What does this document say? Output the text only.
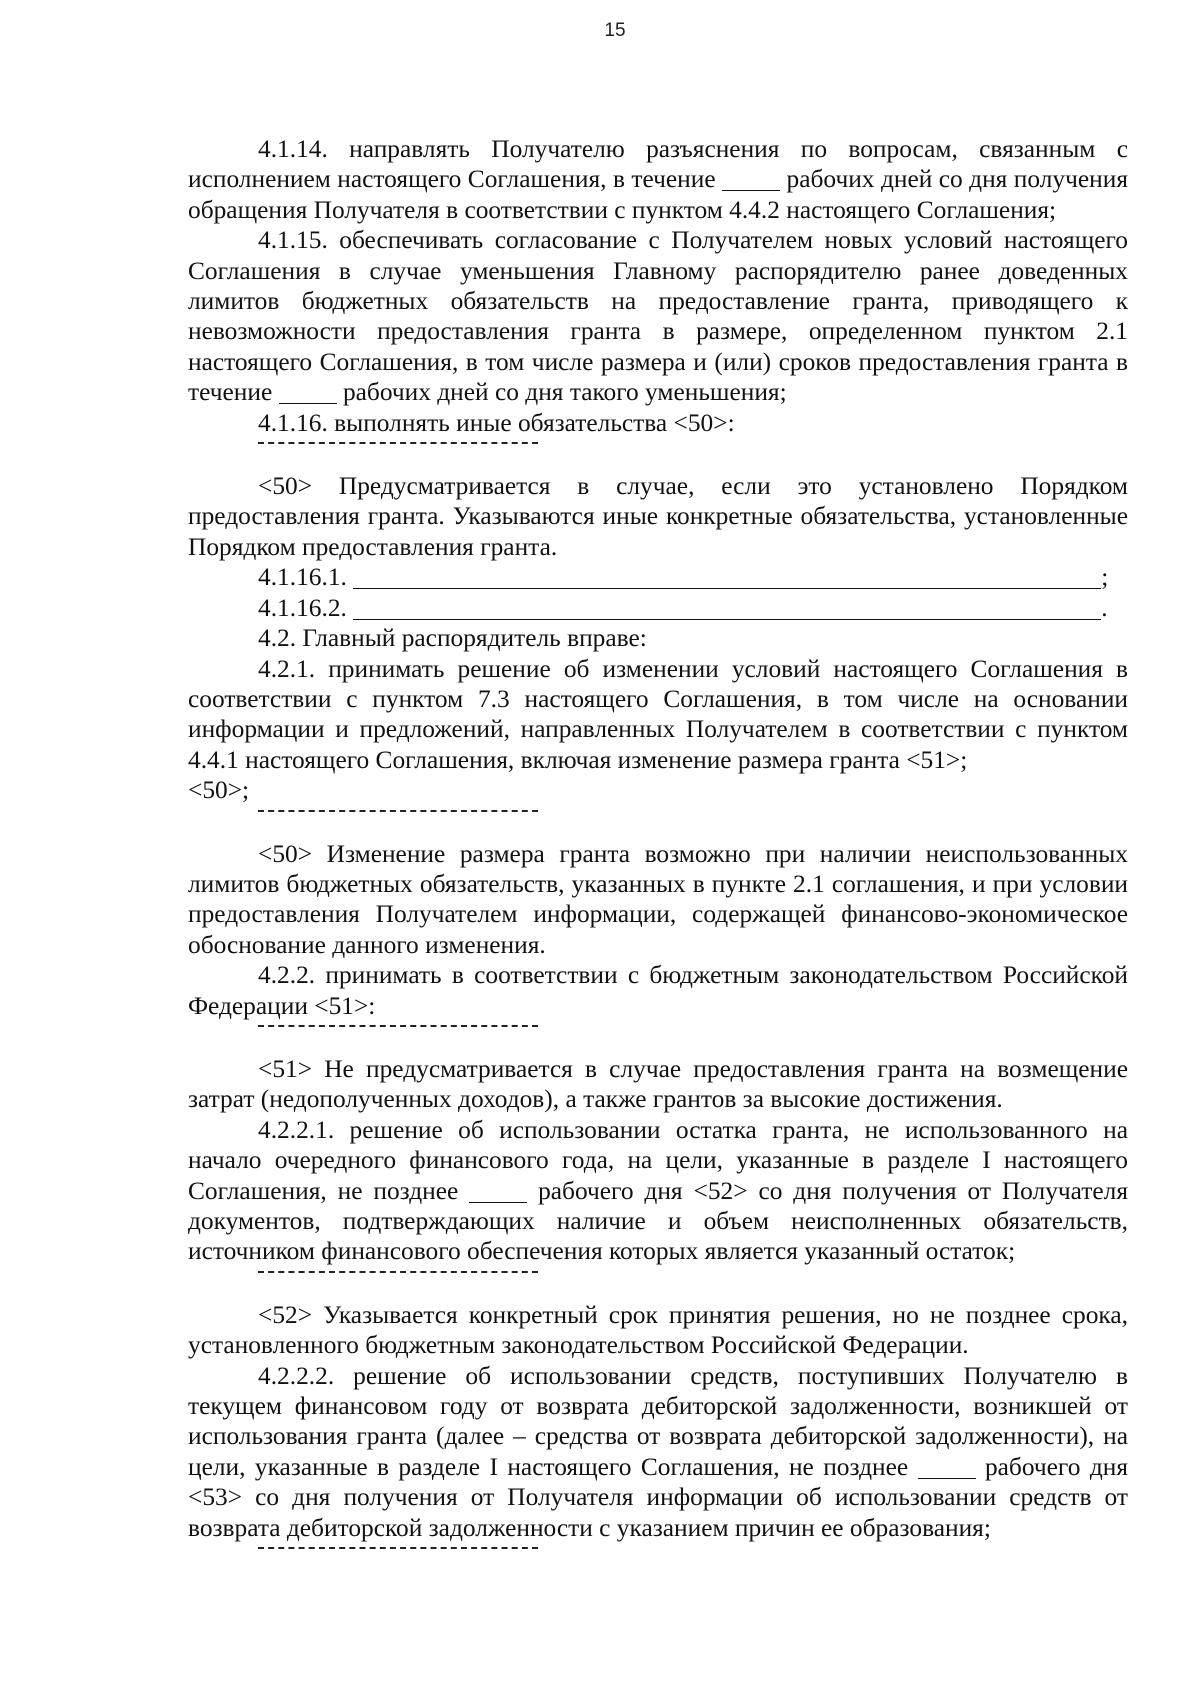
15

4.1.14. направлять Получателю разъяснения по вопросам, связанным с исполнением настоящего Соглашения, в течение	рабочих дней со дня получения обращения Получателя в соответствии с пунктом 4.4.2 настоящего Соглашения;

4.1.15. обеспечивать согласование с Получателем новых условий настоящего Соглашения в случае уменьшения Главному распорядителю ранее доведенных лимитов бюджетных обязательств на предоставление гранта, приводящего к невозможности предоставления гранта в размере, определенном пунктом 2.1 настоящего Соглашения, в том числе размера и (или) сроков предоставления гранта в течение	рабочих дней со дня такого уменьшения;

4.1.16. выполнять иные обязательства <50>:

<50> Предусматривается в случае, если это установлено Порядком предоставления гранта. Указываются иные конкретные обязательства, установленные Порядком предоставления гранта.

4.1.16.1.	;

4.1.16.2.	.

4.2. Главный распорядитель вправе:

4.2.1. принимать решение об изменении условий настоящего Соглашения в соответствии с пунктом 7.3 настоящего Соглашения, в том числе на основании информации и предложений, направленных Получателем в соответствии с пунктом 4.4.1 настоящего Соглашения, включая изменение размера гранта <51>;

<50>;

<50> Изменение размера гранта возможно при наличии неиспользованных лимитов бюджетных обязательств, указанных в пункте 2.1 соглашения, и при условии предоставления Получателем информации, содержащей финансово-экономическое обоснование данного изменения.

4.2.2. принимать в соответствии с бюджетным законодательством Российской Федерации <51>:

<51> Не предусматривается в случае предоставления гранта на возмещение затрат (недополученных доходов), а также грантов за высокие достижения.

4.2.2.1. решение об использовании остатка гранта, не использованного на начало очередного финансового года, на цели, указанные в разделе I настоящего Соглашения, не позднее	рабочего дня <52> со дня получения от Получателя документов, подтверждающих наличие и объем неисполненных обязательств, источником финансового обеспечения которых является указанный остаток;

<52> Указывается конкретный срок принятия решения, но не позднее срока, установленного бюджетным законодательством Российской Федерации.

4.2.2.2. решение об использовании средств, поступивших Получателю в текущем финансовом году от возврата дебиторской задолженности, возникшей от использования гранта (далее – средства от возврата дебиторской задолженности), на цели, указанные в разделе I настоящего Соглашения, не позднее	рабочего дня <53> со дня получения от Получателя информации об использовании средств от возврата дебиторской задолженности с указанием причин ее образования;
